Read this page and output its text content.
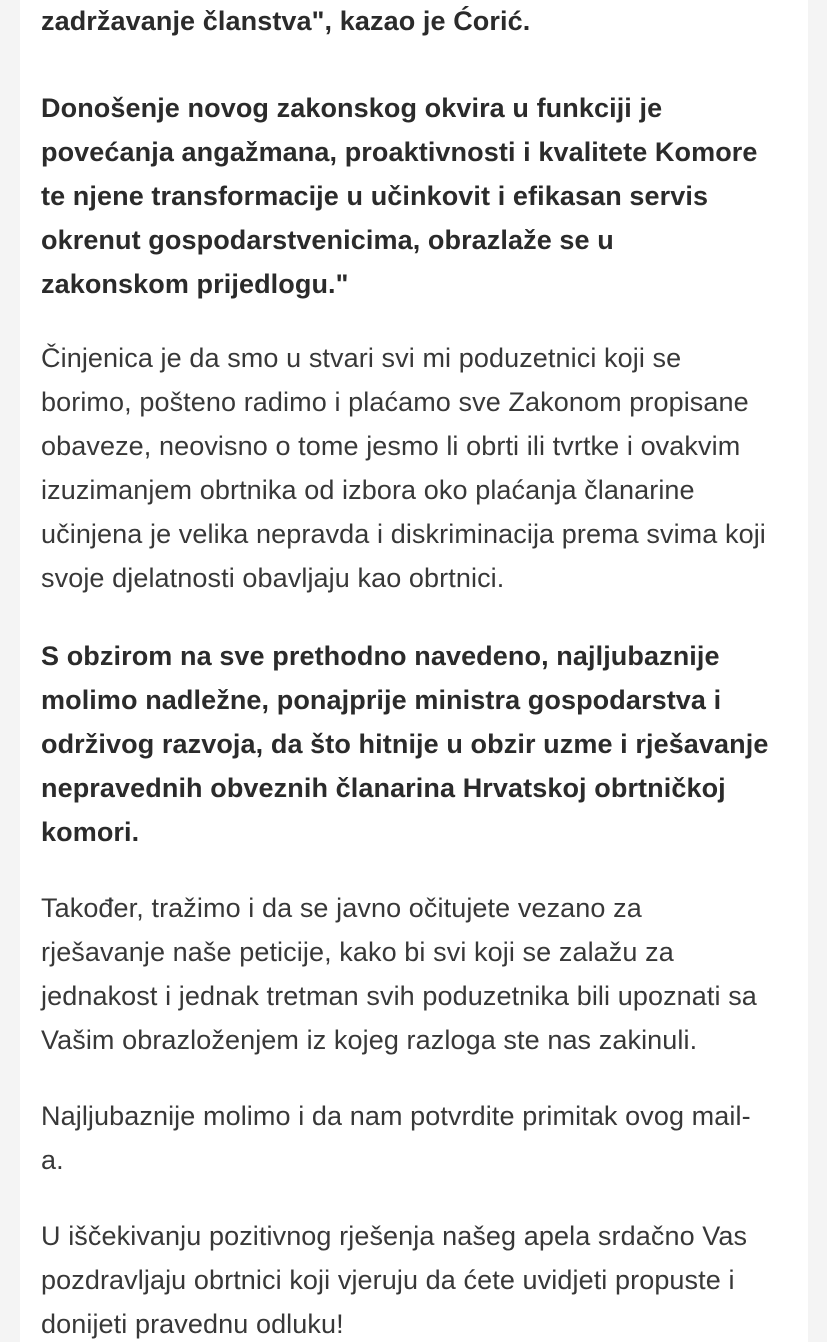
zadržavanje članstva", kazao je Ćorić.

Donošenje novog zakonskog okvira u funkciji je
povećanja angažmana, proaktivnosti i kvalitete Komore
te njene transformacije u učinkovit i efikasan servis
okrenut gospodarstvenicima, obrazlaže se u
zakonskom prijedlogu."

Činjenica je da smo u stvari svi mi poduzetnici koji se
borimo, pošteno radimo i plaćamo sve Zakonom propisane
obaveze, neovisno o tome jesmo li obrti ili tvrtke i ovakvim
izuzimanjem obrtnika od izbora oko plaćanja članarine
učinjena je velika nepravda i diskriminacija prema svima koji
svoje djelatnosti obavljaju kao obrtnici.

S obzirom na sve prethodno navedeno, najljubaznije
molimo nadležne, ponajprije ministra gospodarstva i
održivog razvoja, da što hitnije u obzir uzme i rješavanje
nepravednih obveznih članarina Hrvatskoj obrtničkoj
komori.

Također, tražimo i da se javno očitujete vezano za
rješavanje naše peticije, kako bi svi koji se zalažu za
jednakost i jednak tretman svih poduzetnika bili upoznati sa
Vašim obrazloženjem iz kojeg razloga ste nas zakinuli.

Najljubaznije molimo i da nam potvrdite primitak ovog mail-
a.

U iščekivanju pozitivnog rješenja našeg apela srdačno Vas
pozdravljaju obrtnici koji vjeruju da ćete uvidjeti propuste i
donijeti pravednu odluku!
